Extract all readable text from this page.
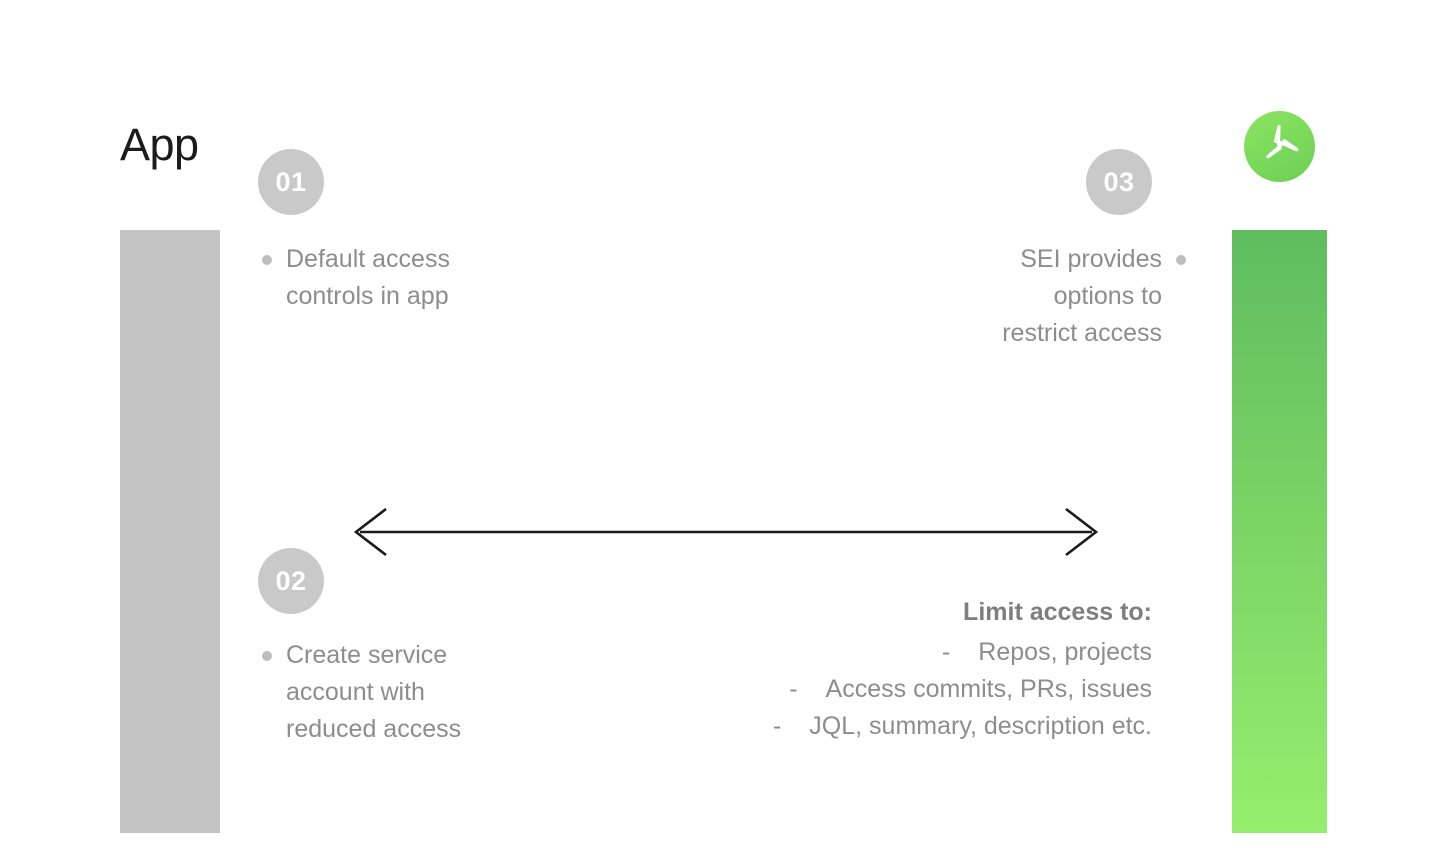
App
01
02
03
Default access
controls in app
Create service
account with
reduced access
SEI provides
options to
restrict access
Limit access to:
- Repos, projects
- Access commits, PRs, issues
- JQL, summary, description etc.
